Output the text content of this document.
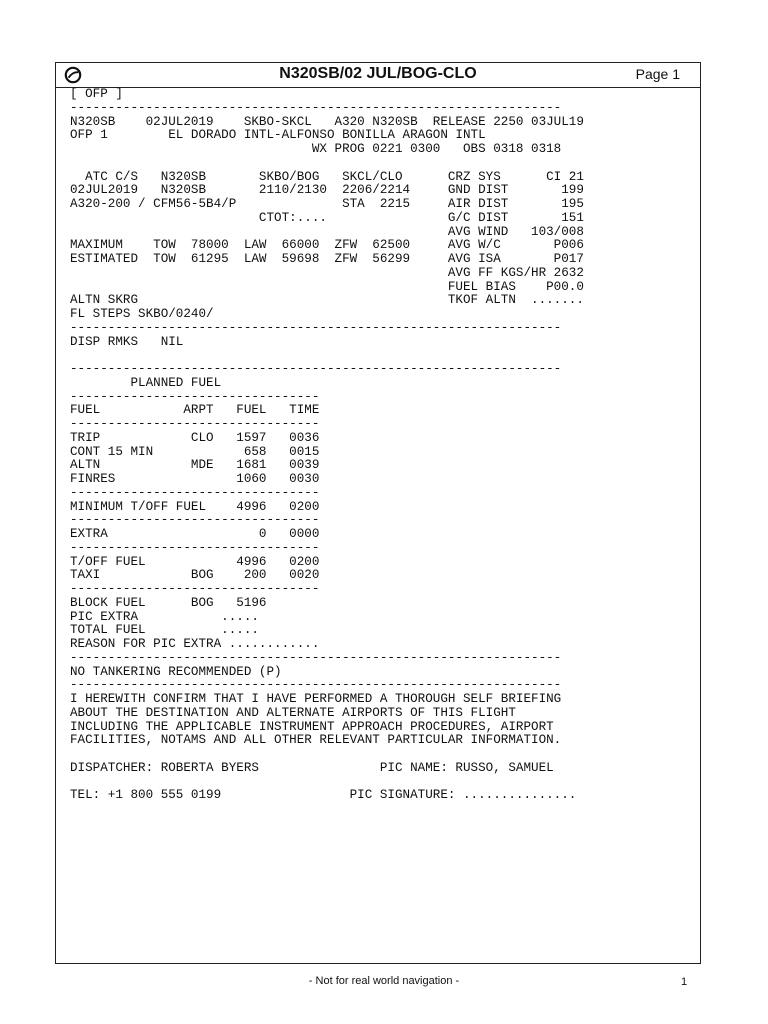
N320SB/02 JUL/BOG-CLO	Page 1
[ OFP ]
-----------------------------------------------------------------
N320SB    02JUL2019    SKBO-SKCL   A320 N320SB  RELEASE 2250 03JUL19
OFP 1        EL DORADO INTL-ALFONSO BONILLA ARAGON INTL
WX PROG 0221 0300   OBS 0318 0318
ATC C/S   N320SB       SKBO/BOG   SKCL/CLO      CRZ SYS      CI 21
02JUL2019   N320SB       2110/2130  2206/2214     GND DIST       199
A320-200 / CFM56-5B4/P              STA  2215     AIR DIST       195
CTOT:....                G/C DIST       151
AVG WIND   103/008
MAXIMUM    TOW  78000  LAW  66000  ZFW  62500     AVG W/C       P006
ESTIMATED  TOW  61295  LAW  59698  ZFW  56299     AVG ISA       P017
AVG FF KGS/HR 2632
FUEL BIAS    P00.0
ALTN SKRG                                         TKOF ALTN  .......
FL STEPS SKBO/0240/
-----------------------------------------------------------------
DISP RMKS   NIL
-----------------------------------------------------------------
PLANNED FUEL
---------------------------------
FUEL           ARPT   FUEL   TIME
---------------------------------
TRIP            CLO   1597   0036
CONT 15 MIN            658   0015
ALTN            MDE   1681   0039
FINRES                1060   0030
---------------------------------
MINIMUM T/OFF FUEL    4996   0200
---------------------------------
EXTRA                    0   0000
---------------------------------
T/OFF FUEL            4996   0200
TAXI            BOG    200   0020
---------------------------------
BLOCK FUEL      BOG   5196
PIC EXTRA           .....
TOTAL FUEL          .....
REASON FOR PIC EXTRA ............
-----------------------------------------------------------------
NO TANKERING RECOMMENDED (P)
-----------------------------------------------------------------
I HEREWITH CONFIRM THAT I HAVE PERFORMED A THOROUGH SELF BRIEFING
ABOUT THE DESTINATION AND ALTERNATE AIRPORTS OF THIS FLIGHT
INCLUDING THE APPLICABLE INSTRUMENT APPROACH PROCEDURES, AIRPORT
FACILITIES, NOTAMS AND ALL OTHER RELEVANT PARTICULAR INFORMATION.
DISPATCHER: ROBERTA BYERS                PIC NAME: RUSSO, SAMUEL
TEL: +1 800 555 0199                 PIC SIGNATURE: ...............
- Not for real world navigation -	1
